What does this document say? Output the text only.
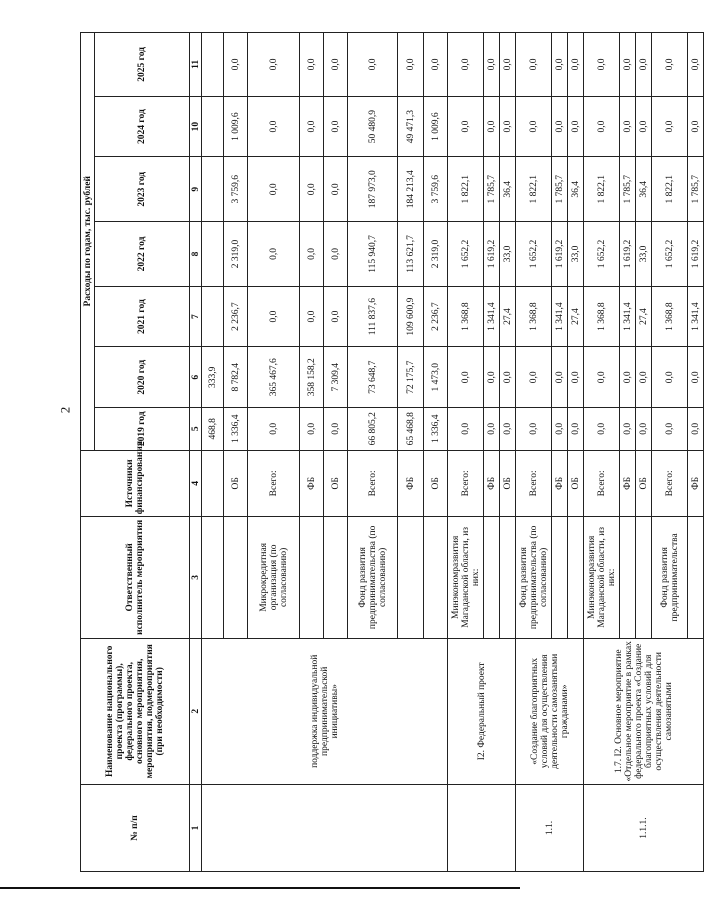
2
№ п/п	Наименование национального проекта (программы), федерального проекта, основного мероприятия, мероприятия, подмероприятия (при необходимости)	Ответственный исполнитель мероприятия	Источники финансирования	Расходы по годам, тыс. рублей						
				2019 год	2020 год	2021 год	2022 год	2023 год	2024 год	2025 год
1	2	3	4	5	6	7	8	9	10	11
	поддержка индивидуальной предпринимательской инициативы»			468,8	333,9					
			ОБ	1 336,4	8 782,4	2 236,7	2 319,0	3 759,6	1 009,6	0,0
		Микрокредитная организация (по согласованию)	Всего:	0,0	365 467,6	0,0	0,0	0,0	0,0	0,0
			ФБ	0,0	358 158,2	0,0	0,0	0,0	0,0	0,0
			ОБ	0,0	7 309,4	0,0	0,0	0,0	0,0	0,0
		Фонд развития предпринимательства (по согласованию)	Всего:	66 805,2	73 648,7	111 837,6	115 940,7	187 973,0	50 480,9	0,0
			ФБ	65 468,8	72 175,7	109 600,9	113 621,7	184 213,4	49 471,3	0,0
			ОБ	1 336,4	1 473,0	2 236,7	2 319,0	3 759,6	1 009,6	0,0
	I2. Федеральный проект	Минэкономразвития Магаданской области, из них:	Всего:	0,0	0,0	1 368,8	1 652,2	1 822,1	0,0	0,0
			ФБ	0,0	0,0	1 341,4	1 619,2	1 785,7	0,0	0,0
			ОБ	0,0	0,0	27,4	33,0	36,4	0,0	0,0
1.1.	«Создание благоприятных условий для осуществления деятельности самозанятыми гражданами»	Фонд развития предпринимательства (по согласованию)	Всего:	0,0	0,0	1 368,8	1 652,2	1 822,1	0,0	0,0
			ФБ	0,0	0,0	1 341,4	1 619,2	1 785,7	0,0	0,0
			ОБ	0,0	0,0	27,4	33,0	36,4	0,0	0,0
1.1.1.	1.7. I2. Основное мероприятие «Отдельное мероприятие в рамках федерального проекта «Создание благоприятных условий для осуществления деятельности самозанятыми	Минэкономразвития Магаданской области, из них:	Всего:	0,0	0,0	1 368,8	1 652,2	1 822,1	0,0	0,0
			ФБ	0,0	0,0	1 341,4	1 619,2	1 785,7	0,0	0,0
			ОБ	0,0	0,0	27,4	33,0	36,4	0,0	0,0
		Фонд развития предпринимательства	Всего:	0,0	0,0	1 368,8	1 652,2	1 822,1	0,0	0,0
			ФБ	0,0	0,0	1 341,4	1 619,2	1 785,7	0,0	0,0
